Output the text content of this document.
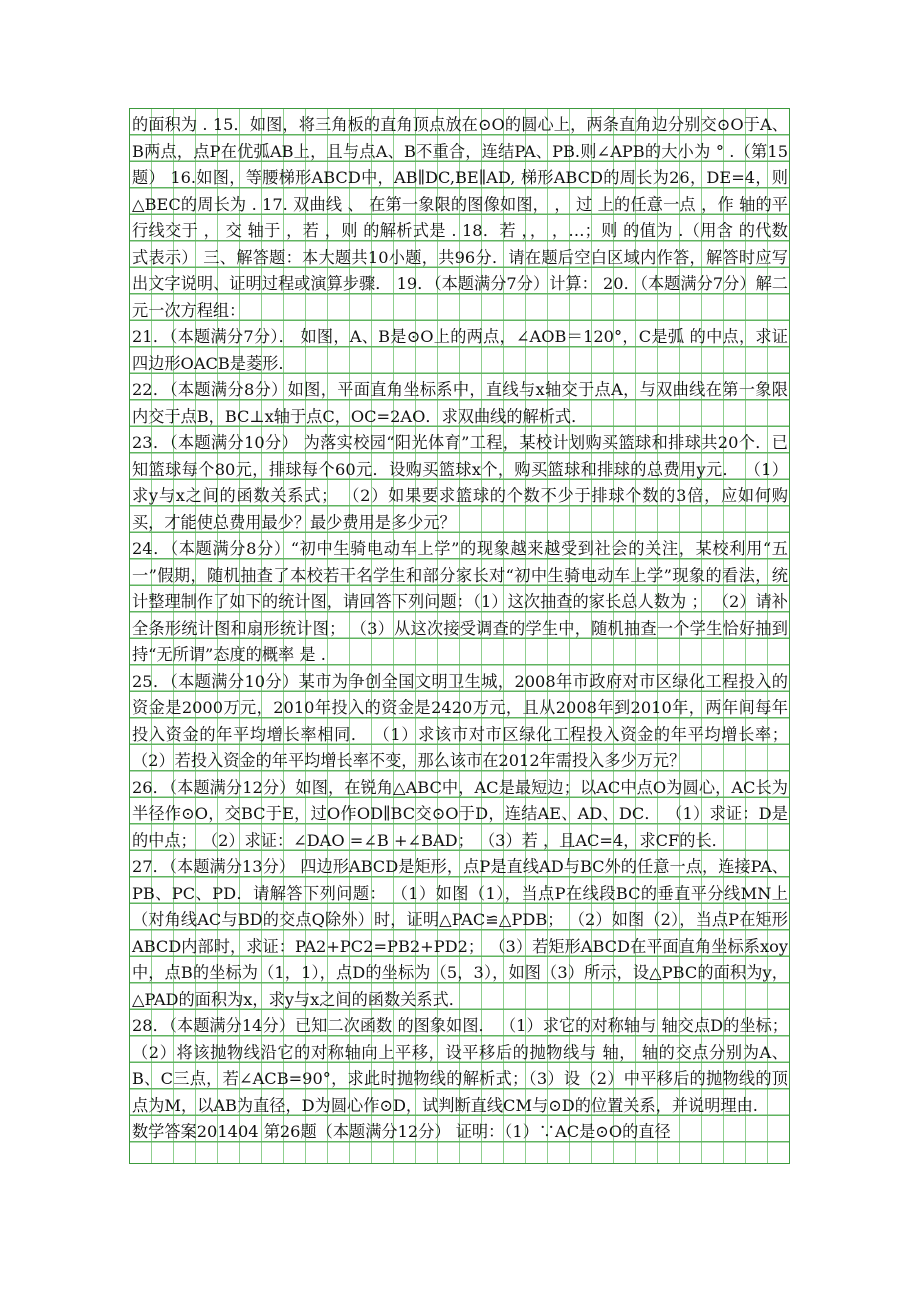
的面积为 . 15．如图，将三角板的直角顶点放在⊙O的圆心上，两条直角边分别交⊙O于A、B两点，点P在优弧AB上，且与点A、B不重合，连结PA、PB.则∠APB的大小为 ° .（第15题） 16.如图，等腰梯形ABCD中，AB∥DC,BE∥AD, 梯形ABCD的周长为26，DE=4，则△BEC的周长为 . 17. 双曲线 、 在第一象限的图像如图， ， 过 上的任意一点 ，作 轴的平行线交于 ， 交 轴于 ，若 ，则 的解析式是 . 18．若 ，， ，…；则 的值为 .（用含 的代数式表示） 三、解答题：本大题共10小题，共96分．请在题后空白区域内作答，解答时应写出文字说明、证明过程或演算步骤． 19．（本题满分7分）计算： 20．（本题满分7分）解二元一次方程组：

21．（本题满分7分）． 如图，A、B是⊙O上的两点，∠AOB＝120°，C是弧 的中点，求证四边形OACB是菱形.

22．（本题满分8分）如图，平面直角坐标系中，直线与x轴交于点A，与双曲线在第一象限内交于点B，BC⊥x轴于点C，OC=2AO．求双曲线的解析式．

23．（本题满分10分） 为落实校园“阳光体育”工程，某校计划购买篮球和排球共20个．已知篮球每个80元，排球每个60元．设购买篮球x个，购买篮球和排球的总费用y元． （1）求y与x之间的函数关系式； （2）如果要求篮球的个数不少于排球个数的3倍，应如何购买，才能使总费用最少？最少费用是多少元？

24．（本题满分8分）“初中生骑电动车上学”的现象越来越受到社会的关注，某校利用“五一”假期，随机抽查了本校若干名学生和部分家长对“初中生骑电动车上学”现象的看法，统计整理制作了如下的统计图，请回答下列问题：（1）这次抽查的家长总人数为 ； （2）请补全条形统计图和扇形统计图； （3）从这次接受调查的学生中，随机抽查一个学生恰好抽到持“无所谓”态度的概率 是 .

25．（本题满分10分）某市为争创全国文明卫生城，2008年市政府对市区绿化工程投入的资金是2000万元，2010年投入的资金是2420万元，且从2008年到2010年，两年间每年投入资金的年平均增长率相同． （1）求该市对市区绿化工程投入资金的年平均增长率； （2）若投入资金的年平均增长率不变，那么该市在2012年需投入多少万元？

26．（本题满分12分）如图，在锐角△ABC中，AC是最短边；以AC中点O为圆心，AC长为半径作⊙O，交BC于E，过O作OD∥BC交⊙O于D，连结AE、AD、DC． （1）求证：D是 的中点； （2）求证：∠DAO =∠B +∠BAD； （3）若 ，且AC=4，求CF的长．

27．（本题满分13分） 四边形ABCD是矩形，点P是直线AD与BC外的任意一点，连接PA、PB、PC、PD．请解答下列问题： （1）如图（1），当点P在线段BC的垂直平分线MN上（对角线AC与BD的交点Q除外）时，证明△PAC≌△PDB； （2）如图（2），当点P在矩形ABCD内部时，求证：PA2+PC2=PB2+PD2； （3）若矩形ABCD在平面直角坐标系xoy中，点B的坐标为（1，1），点D的坐标为（5，3），如图（3）所示，设△PBC的面积为y，△PAD的面积为x，求y与x之间的函数关系式．

28．（本题满分14分）已知二次函数 的图象如图． （1）求它的对称轴与 轴交点D的坐标； （2）将该抛物线沿它的对称轴向上平移，设平移后的抛物线与 轴， 轴的交点分别为A、B、C三点，若∠ACB=90°，求此时抛物线的解析式；（3）设（2）中平移后的抛物线的顶点为M，以AB为直径，D为圆心作⊙D，试判断直线CM与⊙D的位置关系，并说明理由.

数学答案201404 第26题（本题满分12分） 证明：（1）∵AC是⊙O的直径
